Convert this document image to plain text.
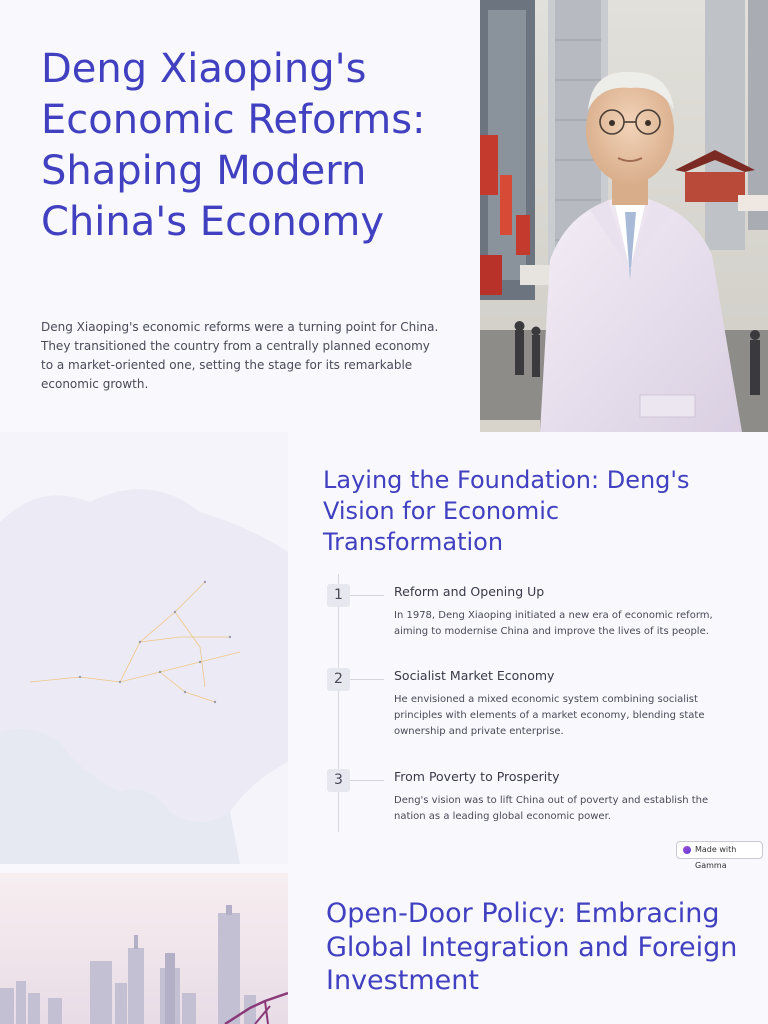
Deng Xiaoping's Economic Reforms: Shaping Modern China's Economy

Deng Xiaoping's economic reforms were a turning point for China. They transitioned the country from a centrally planned economy to a market-oriented one, setting the stage for its remarkable economic growth.

Laying the Foundation: Deng's Vision for Economic Transformation
1	Reform and Opening Up
In 1978, Deng Xiaoping initiated a new era of economic reform, aiming to modernise China and improve the lives of its people.
2	Socialist Market Economy
He envisioned a mixed economic system combining socialist principles with elements of a market economy, blending state ownership and private enterprise.
3	From Poverty to Prosperity
Deng's vision was to lift China out of poverty and establish the nation as a leading global economic power.
Made with Gamma
Open-Door Policy: Embracing Global Integration and Foreign Investment
